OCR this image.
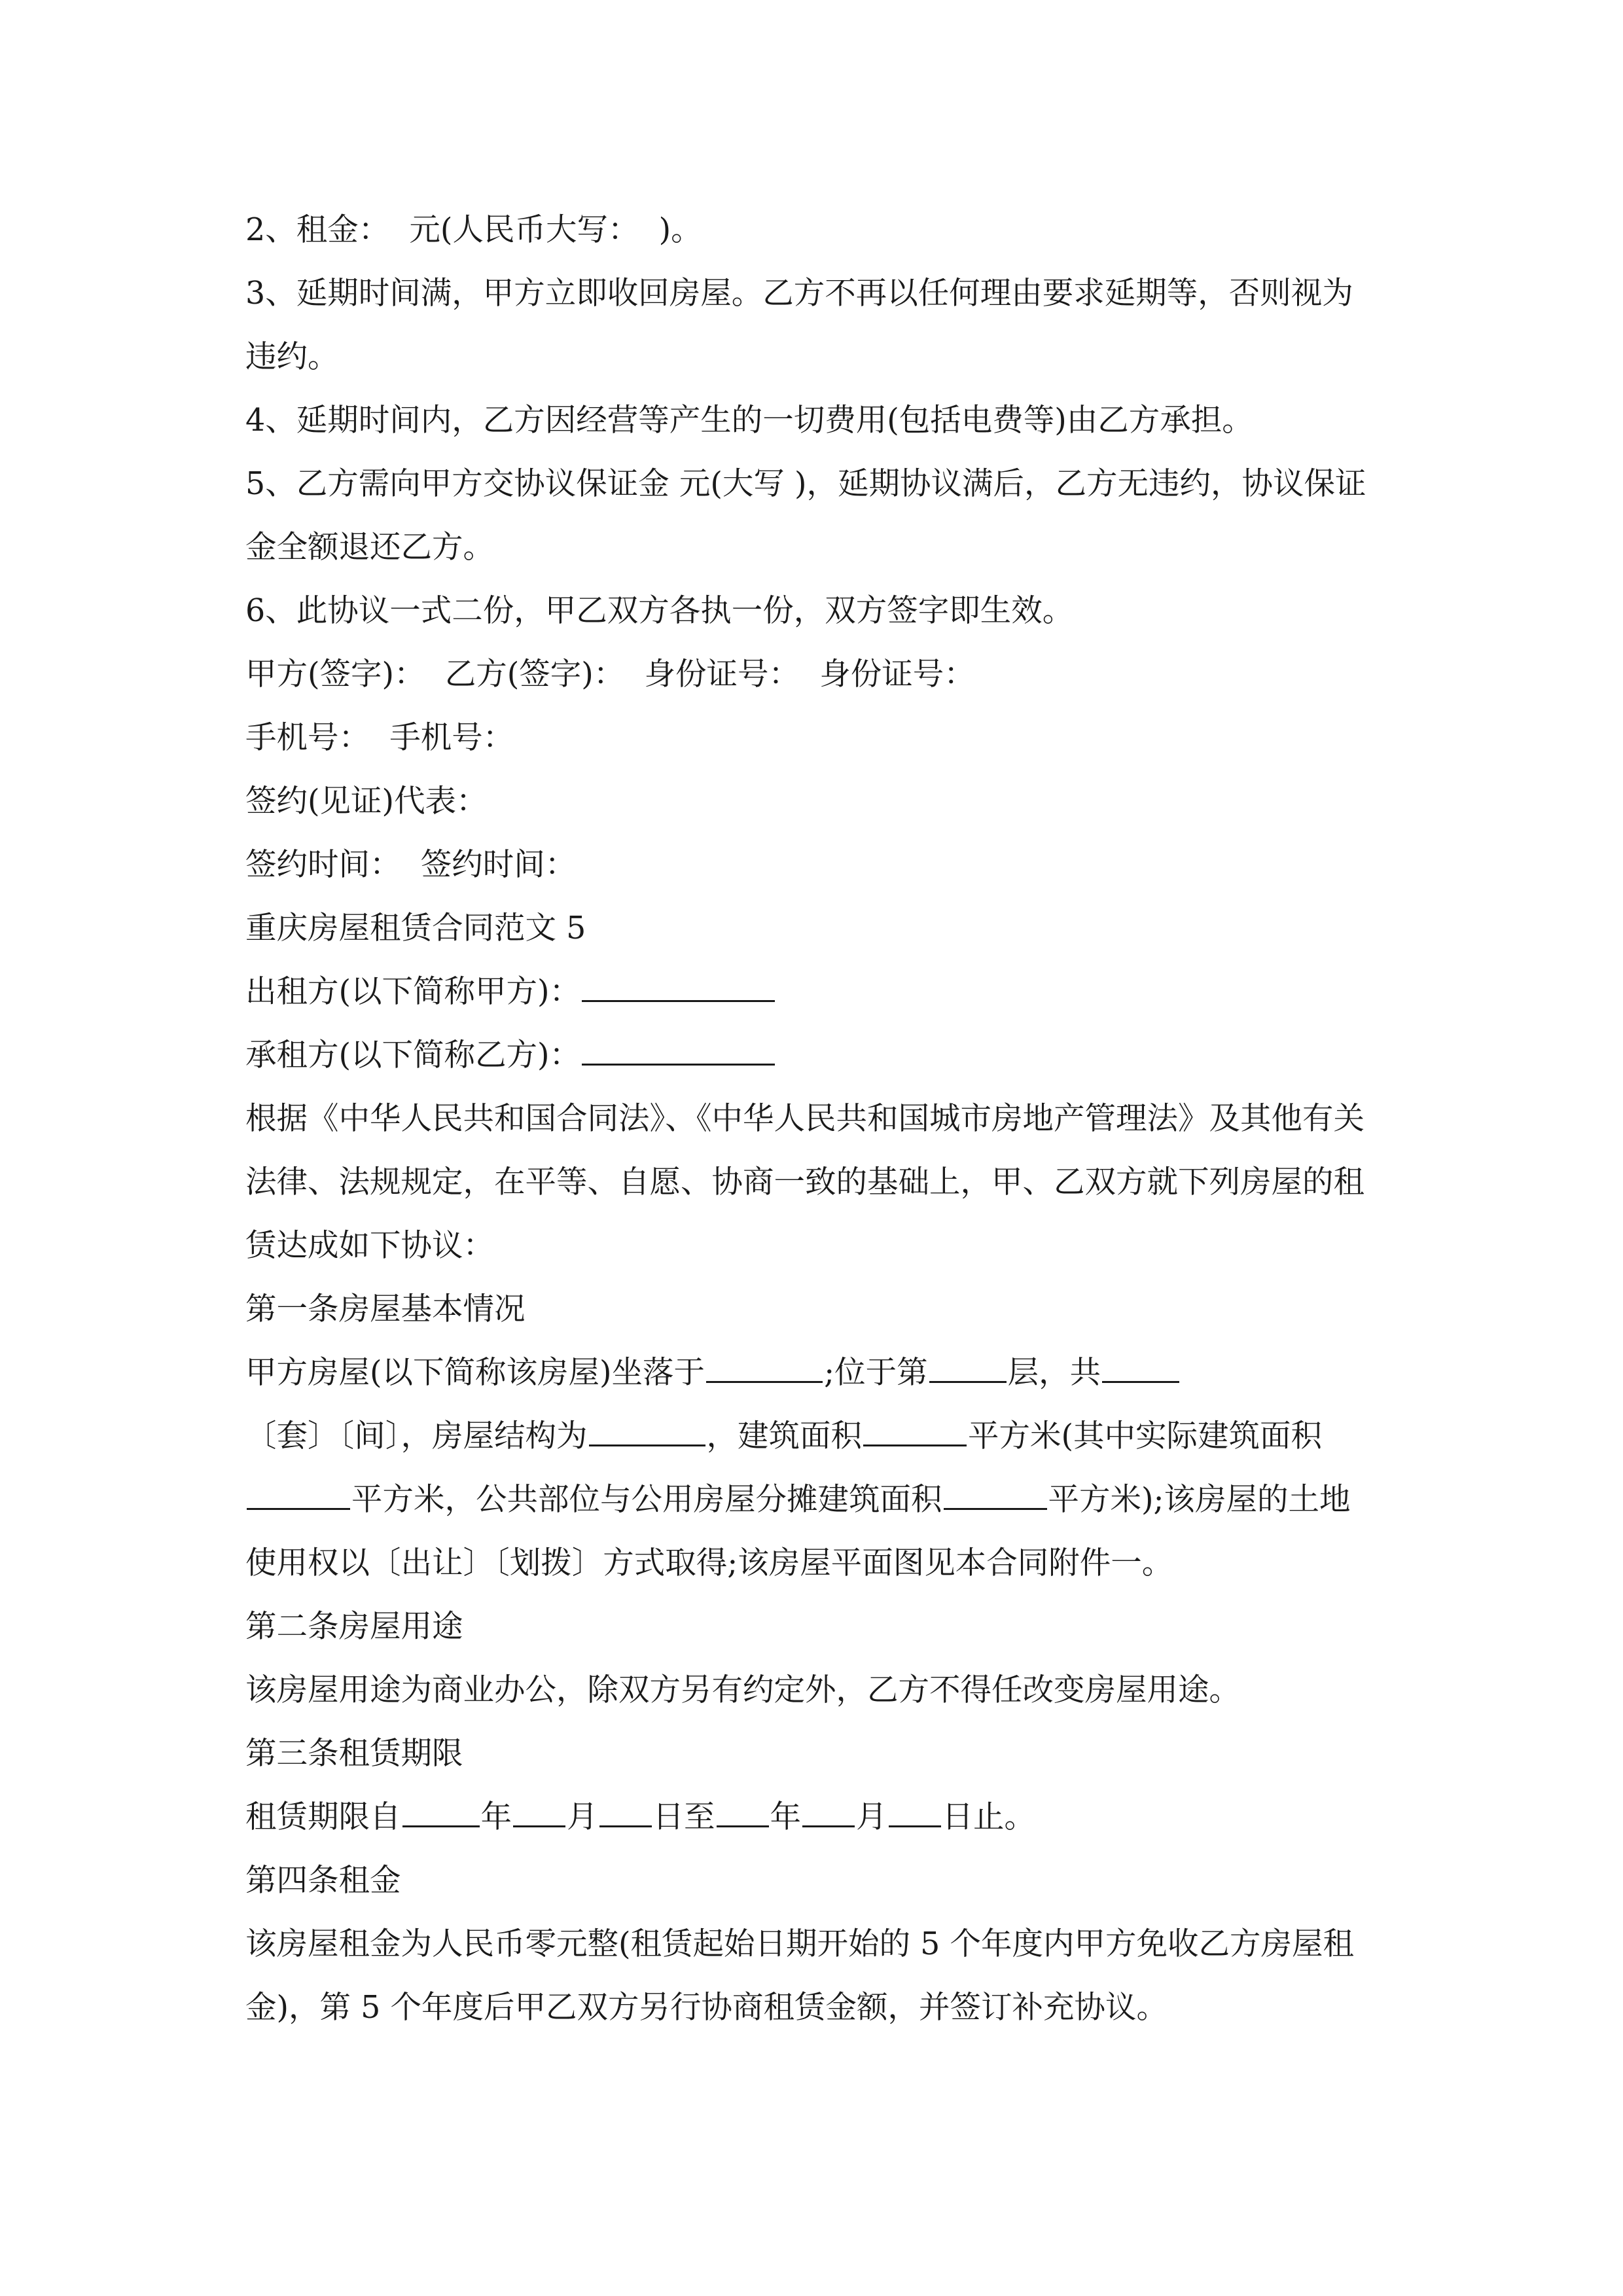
2、租金：  元(人民币大写：  )。

3、延期时间满，甲方立即收回房屋。乙方不再以任何理由要求延期等，否则视为违约。

4、延期时间内，乙方因经营等产生的一切费用(包括电费等)由乙方承担。

5、乙方需向甲方交协议保证金 元(大写 )，延期协议满后，乙方无违约，协议保证金全额退还乙方。

6、此协议一式二份，甲乙双方各执一份，双方签字即生效。

甲方(签字)：  乙方(签字)：  身份证号：  身份证号：

手机号：  手机号：

签约(见证)代表：

签约时间：  签约时间：

重庆房屋租赁合同范文 5

出租方(以下简称甲方)：

承租方(以下简称乙方)：

根据《中华人民共和国合同法》、《中华人民共和国城市房地产管理法》及其他有关法律、法规规定，在平等、自愿、协商一致的基础上，甲、乙双方就下列房屋的租赁达成如下协议：

第一条房屋基本情况

甲方房屋(以下简称该房屋)坐落于	;位于第	层，共

〔套〕〔间〕，房屋结构为	，建筑面积	平方米(其中实际建筑面积平方米，公共部位与公用房屋分摊建筑面积	平方米);该房屋的土地使用权以〔出让〕〔划拨〕方式取得;该房屋平面图见本合同附件一。

第二条房屋用途

该房屋用途为商业办公，除双方另有约定外，乙方不得任改变房屋用途。

第三条租赁期限

租赁期限自	年 月 日至 年 月 日止。

第四条租金

该房屋租金为人民币零元整(租赁起始日期开始的 5 个年度内甲方免收乙方房屋租金)，第 5 个年度后甲乙双方另行协商租赁金额，并签订补充协议。
